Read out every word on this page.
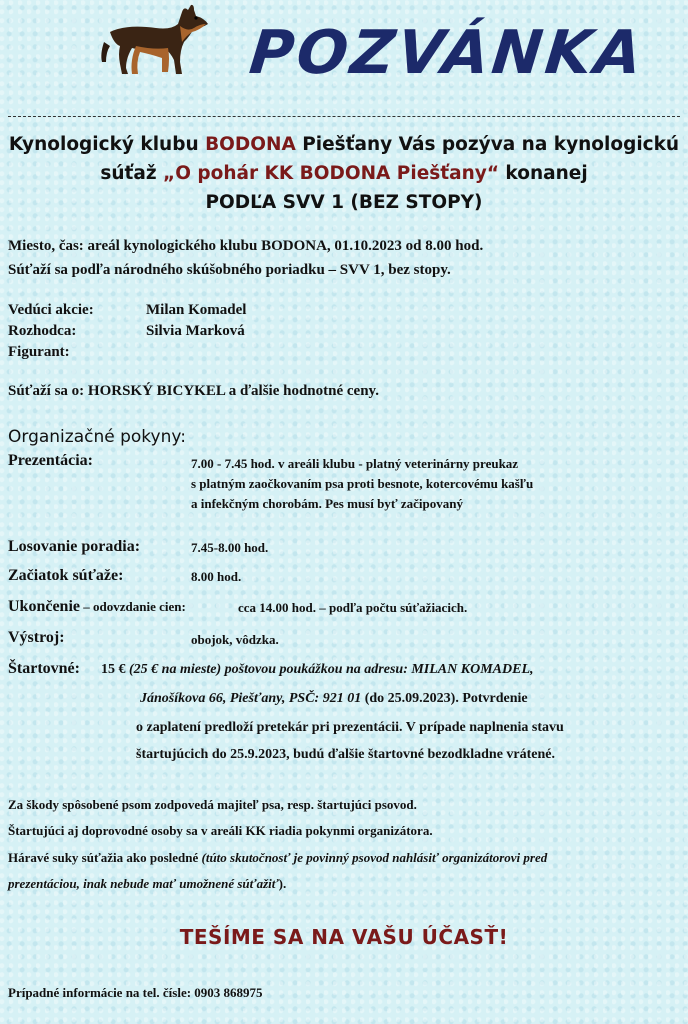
POZVÁNKA
Kynologický klubu BODONA Piešťany Vás pozýva na kynologickú
súťaž „O pohár KK BODONA Piešťany“ konanej
PODĽA SVV 1 (BEZ STOPY)
Miesto, čas: areál kynologického klubu BODONA, 01.10.2023 od 8.00 hod.
Súťaží sa podľa národného skúšobného poriadku – SVV 1, bez stopy.
Vedúci akcie:	Milan Komadel
Rozhodca:	Silvia Marková
Figurant:
Súťaží sa o: HORSKÝ BICYKEL a ďalšie hodnotné ceny.
Organizačné pokyny:
Prezentácia:	7.00 - 7.45 hod. v areáli klubu - platný veterinárny preukaz
s platným zaočkovaním psa proti besnote, kotercovému kašľu
a infekčným chorobám. Pes musí byť začipovaný
Losovanie poradia:	7.45-8.00 hod.
Začiatok súťaže:	8.00 hod.
Ukončenie – odovzdanie cien:	cca 14.00 hod. – podľa počtu súťažiacich.
Výstroj:	obojok, vôdzka.
Štartovné: 15 € (25 € na mieste) poštovou poukážkou na adresu: MILAN KOMADEL,
Jánošíkova 66, Piešťany, PSČ: 921 01 (do 25.09.2023). Potvrdenie
o zaplatení predloží pretekár pri prezentácii. V prípade naplnenia stavu
štartujúcich do 25.9.2023, budú ďalšie štartovné bezodkladne vrátené.
Za škody spôsobené psom zodpovedá majiteľ psa, resp. štartujúci psovod.
Štartujúci aj doprovodné osoby sa v areáli KK riadia pokynmi organizátora.
Háravé suky súťažia ako posledné (túto skutočnosť je povinný psovod nahlásiť organizátorovi pred
prezentáciou, inak nebude mať umožnené súťažiť).
TEŠÍME SA NA VAŠU ÚČASŤ!
Prípadné informácie na tel. čísle: 0903 868975
